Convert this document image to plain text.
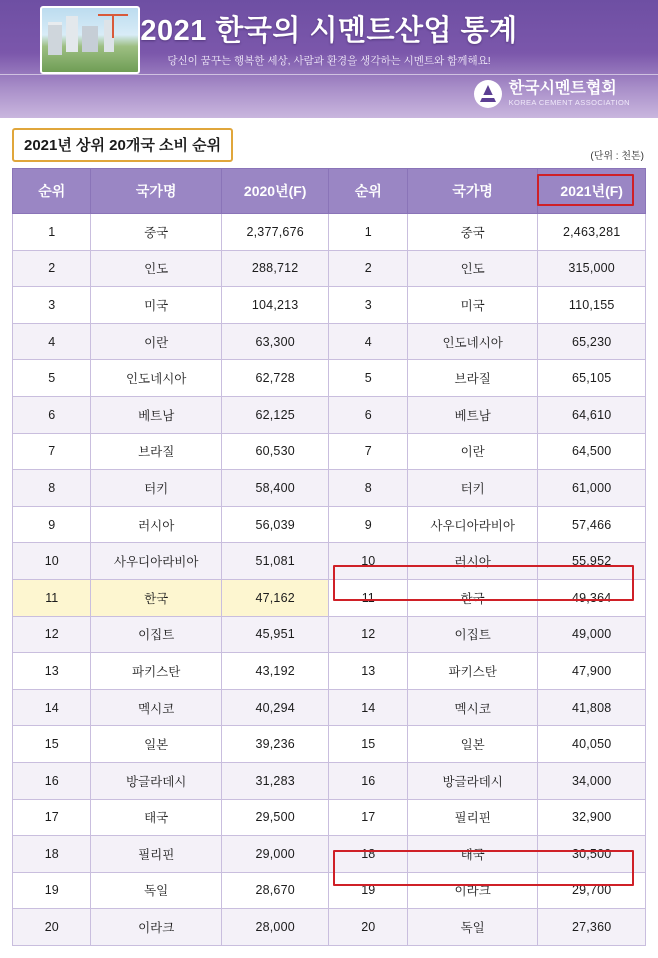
2021 한국의 시멘트산업 통계
당신이 꿈꾸는 행복한 세상, 사람과 환경을 생각하는 시멘트와 함께해요!
한국시멘트협회
KOREA CEMENT ASSOCIATION
2021년 상위 20개국 소비 순위
(단위 : 천톤)
순위	국가명	2020년(F)	순위	국가명	2021년(F)
1	중국	2,377,676	1	중국	2,463,281
2	인도	288,712	2	인도	315,000
3	미국	104,213	3	미국	110,155
4	이란	63,300	4	인도네시아	65,230
5	인도네시아	62,728	5	브라질	65,105
6	베트남	62,125	6	베트남	64,610
7	브라질	60,530	7	이란	64,500
8	터키	58,400	8	터키	61,000
9	러시아	56,039	9	사우디아라비아	57,466
10	사우디아라비아	51,081	10	러시아	55,952
11	한국	47,162	11	한국	49,364
12	이집트	45,951	12	이집트	49,000
13	파키스탄	43,192	13	파키스탄	47,900
14	멕시코	40,294	14	멕시코	41,808
15	일본	39,236	15	일본	40,050
16	방글라데시	31,283	16	방글라데시	34,000
17	태국	29,500	17	필리핀	32,900
18	필리핀	29,000	18	태국	30,500
19	독일	28,670	19	이라크	29,700
20	이라크	28,000	20	독일	27,360
